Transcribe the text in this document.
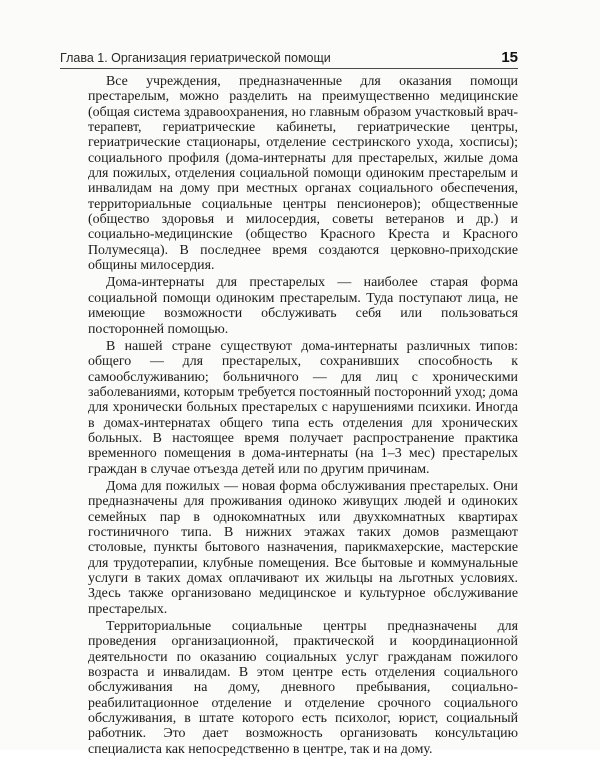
Глава 1. Организация гериатрической помощи	15

Все учреждения, предназначенные для оказания помощи престарелым, можно разделить на преимущественно медицинские (общая система здравоохранения, но главным образом участковый врач-терапевт, гериатрические кабинеты, гериатрические центры, гериатрические стационары, отделение сестринского ухода, хосписы); социального профиля (дома-интернаты для престарелых, жилые дома для пожилых, отделения социальной помощи одиноким престарелым и инвалидам на дому при местных органах социального обеспечения, территориальные социальные центры пенсионеров); общественные (общество здоровья и милосердия, советы ветеранов и др.) и социально-медицинские (общество Красного Креста и Красного Полумесяца). В последнее время создаются церковно-приходские общины милосердия.

Дома-интернаты для престарелых — наиболее старая форма социальной помощи одиноким престарелым. Туда поступают лица, не имеющие возможности обслуживать себя или пользоваться посторонней помощью.

В нашей стране существуют дома-интернаты различных типов: общего — для престарелых, сохранивших способность к самообслуживанию; больничного — для лиц с хроническими заболеваниями, которым требуется постоянный посторонний уход; дома для хронически больных престарелых с нарушениями психики. Иногда в домах-интернатах общего типа есть отделения для хронических больных. В настоящее время получает распространение практика временного помещения в дома-интернаты (на 1–3 мес) престарелых граждан в случае отъезда детей или по другим причинам.

Дома для пожилых — новая форма обслуживания престарелых. Они предназначены для проживания одиноко живущих людей и одиноких семейных пар в однокомнатных или двухкомнатных квартирах гостиничного типа. В нижних этажах таких домов размещают столовые, пункты бытового назначения, парикмахерские, мастерские для трудотерапии, клубные помещения. Все бытовые и коммунальные услуги в таких домах оплачивают их жильцы на льготных условиях. Здесь также организовано медицинское и культурное обслуживание престарелых.

Территориальные социальные центры предназначены для проведения организационной, практической и координационной деятельности по оказанию социальных услуг гражданам пожилого возраста и инвалидам. В этом центре есть отделения социального обслуживания на дому, дневного пребывания, социально-реабилитационное отделение и отделение срочного социального обслуживания, в штате которого есть психолог, юрист, социальный работник. Это дает возможность организовать консультацию специалиста как непосредственно в центре, так и на дому.
